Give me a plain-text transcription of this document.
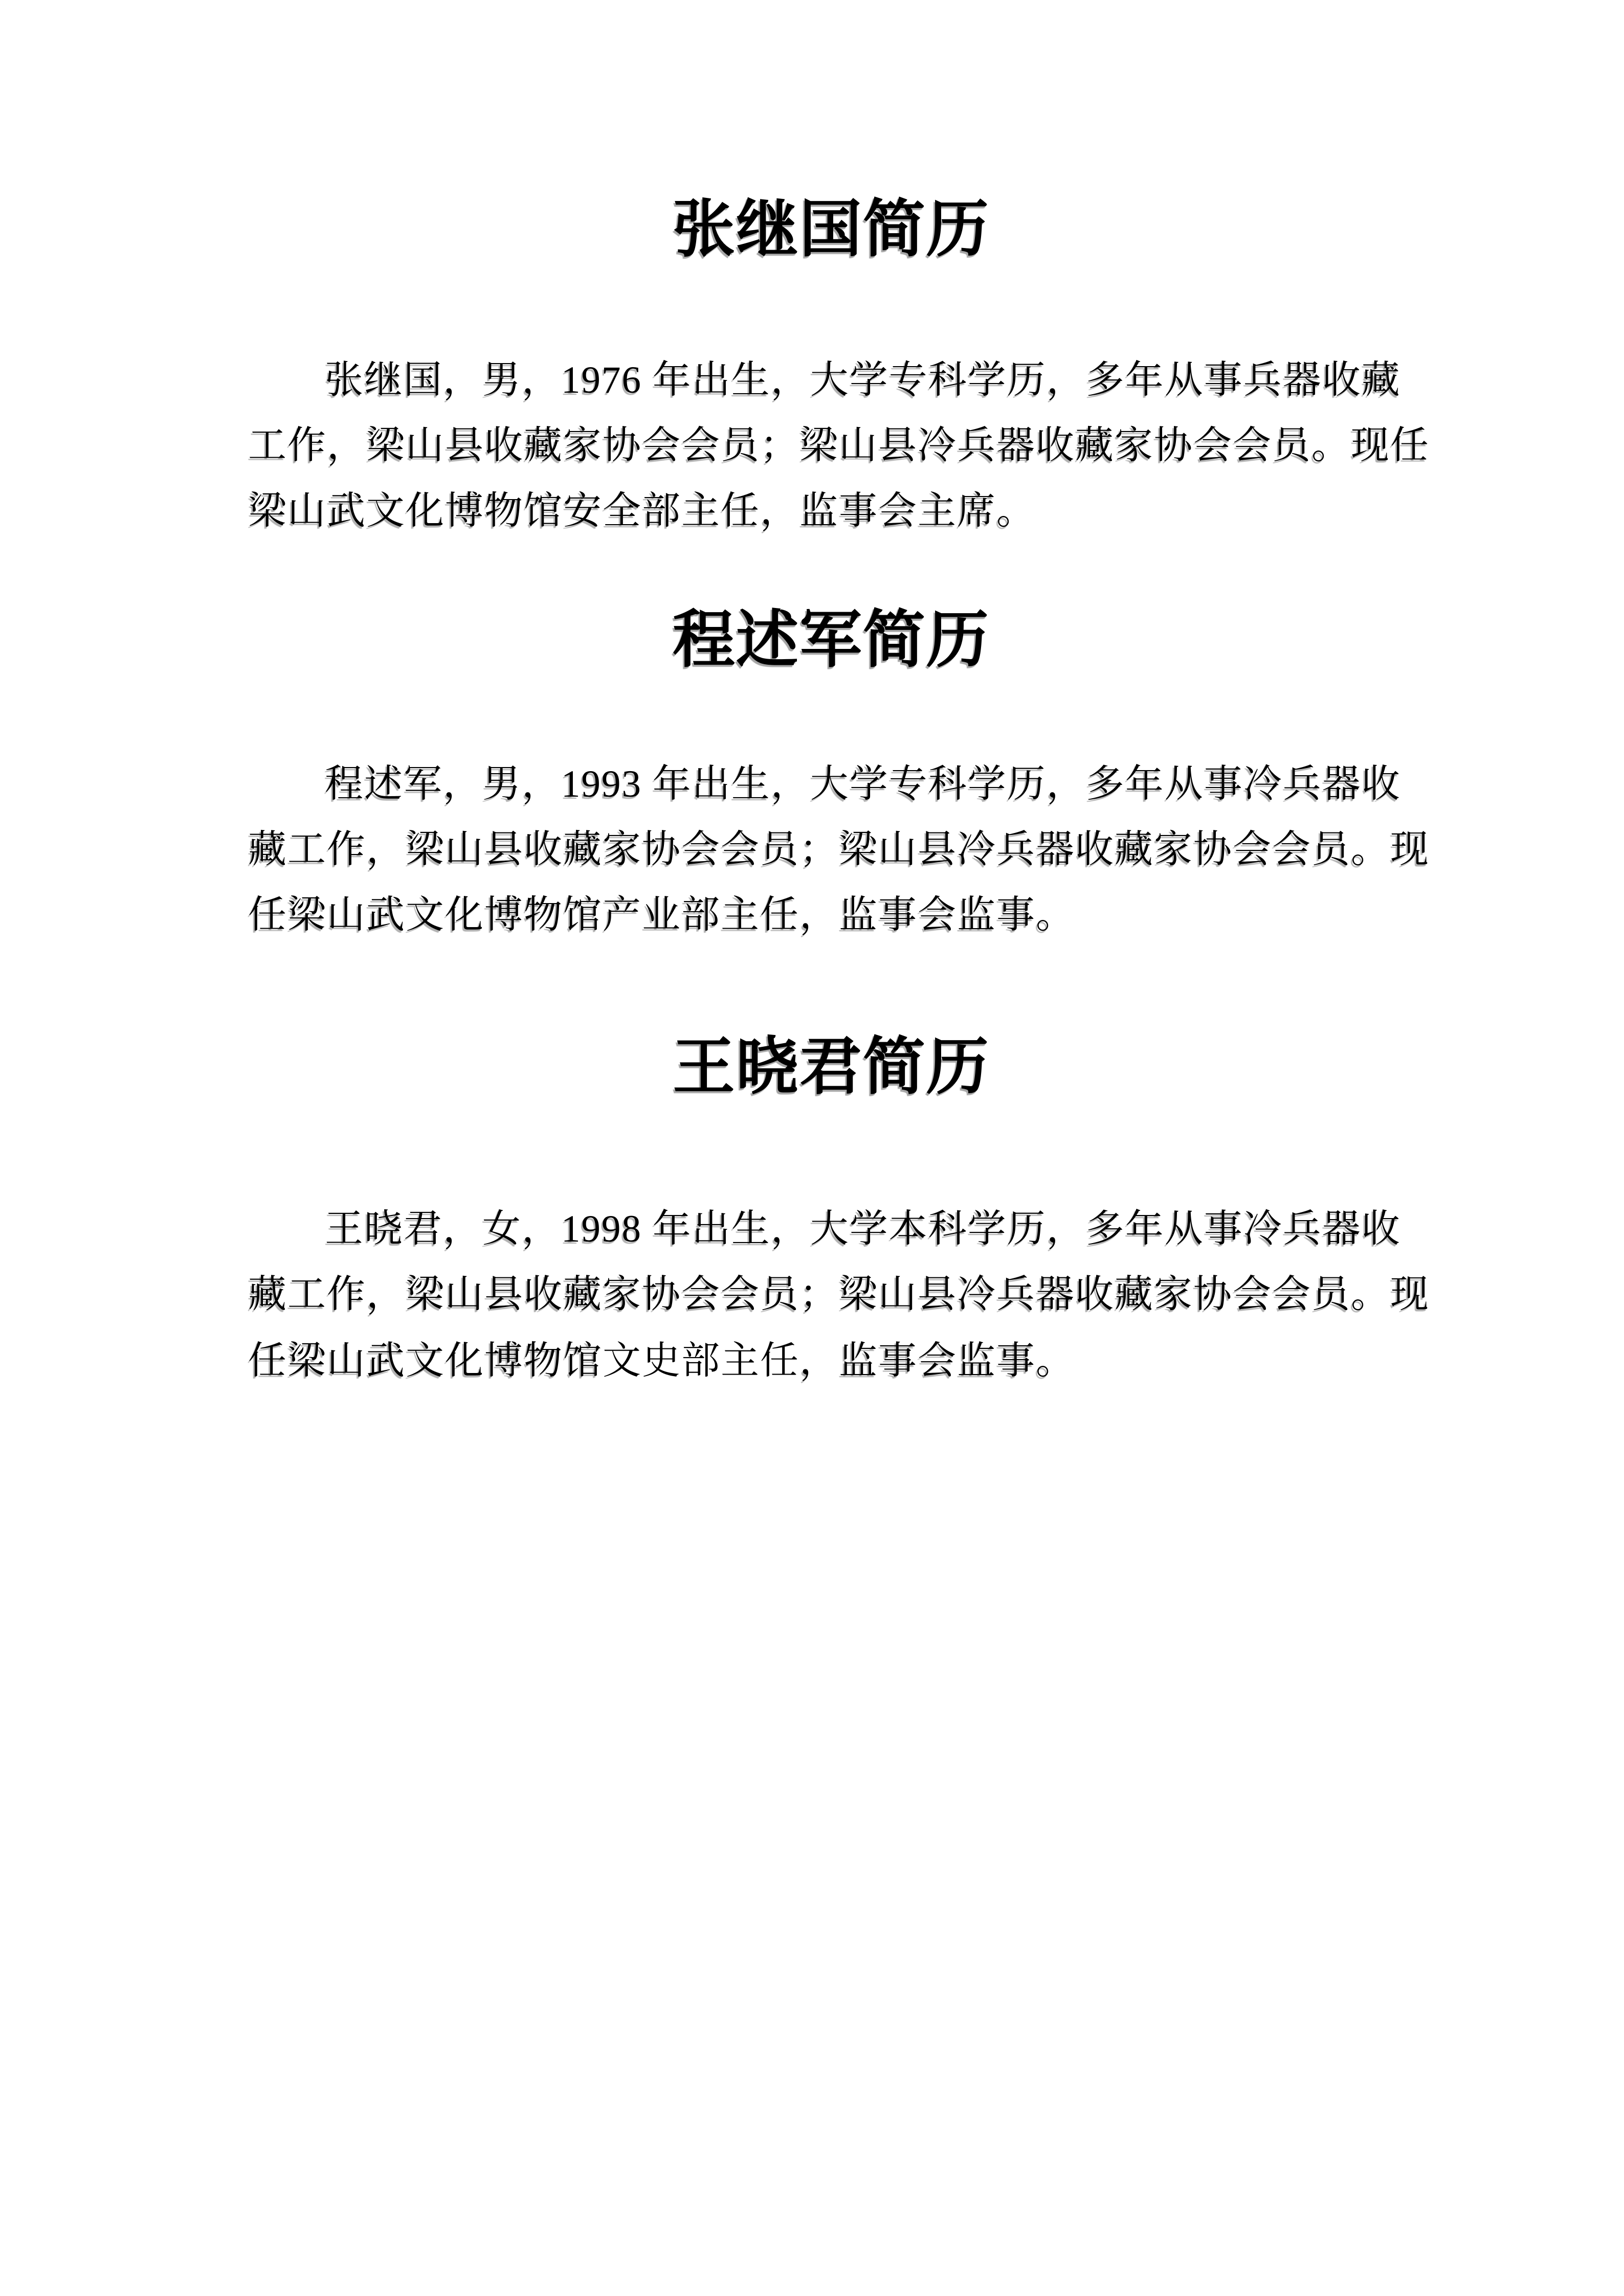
张继国简历
张继国，男，1976 年出生，大学专科学历，多年从事兵器收藏
工作，梁山县收藏家协会会员；梁山县冷兵器收藏家协会会员。现任
梁山武文化博物馆安全部主任，监事会主席。
程述军简历
程述军，男，1993 年出生，大学专科学历，多年从事冷兵器收
藏工作，梁山县收藏家协会会员；梁山县冷兵器收藏家协会会员。现
任梁山武文化博物馆产业部主任，监事会监事。
王晓君简历
王晓君，女，1998 年出生，大学本科学历，多年从事冷兵器收
藏工作，梁山县收藏家协会会员；梁山县冷兵器收藏家协会会员。现
任梁山武文化博物馆文史部主任，监事会监事。
